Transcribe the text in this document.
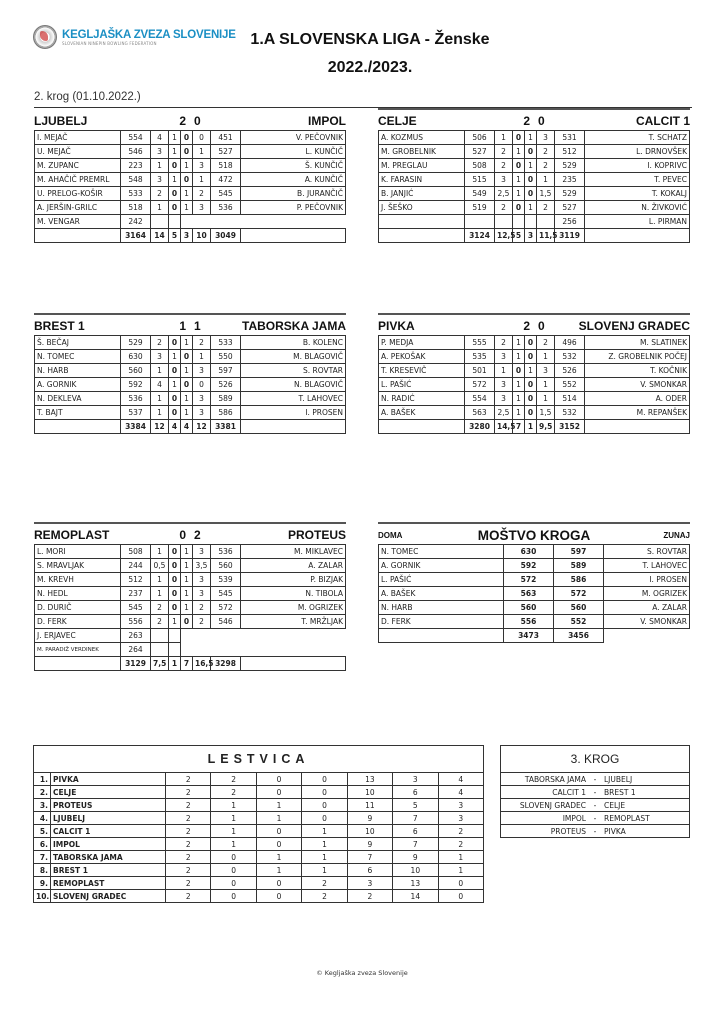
KEGLJAŠKA ZVEZA SLOVENIJE
SLOVENIAN NINEPIN BOWLING FEDERATION	1.A SLOVENSKA LIGA - Ženske
2022./2023.
2. krog (01.10.2022.)
LJUBELJ	2 0	IMPOL
I. MEJAČ	554	4	1	0	0	451	V. PEČOVNIK
U. MEJAČ	546	3	1	0	1	527	L. KUNČIČ
M. ZUPANC	223	1	0	1	3	518	Š. KUNČIČ
M. AHAČIČ PREMRL	548	3	1	0	1	472	A. KUNČIČ
U. PRELOG-KOŠIR	533	2	0	1	2	545	B. JURANČIČ
A. JERŠIN-GRILC	518	1	0	1	3	536	P. PEČOVNIK
M. VENGAR	242						
	3164	14	5	3	10	3049	
CELJE	2 0	CALCIT 1
A. KOZMUS	506	1	0	1	3	531	T. SCHATZ
M. GROBELNIK	527	2	1	0	2	512	L. DRNOVŠEK
M. PREGLAU	508	2	0	1	2	529	I. KOPRIVC
K. FARASIN	515	3	1	0	1	235	T. PEVEC
B. JANJIĆ	549	2,5	1	0	1,5	529	T. KOKALJ
J. ŠEŠKO	519	2	0	1	2	527	N. ŽIVKOVIĆ
						256	L. PIRMAN
	3124	12,5	5	3	11,5	3119	
BREST 1	1 1	TABORSKA JAMA
Š. BEČAJ	529	2	0	1	2	533	B. KOLENC
N. TOMEC	630	3	1	0	1	550	M. BLAGOVIČ
N. HARB	560	1	0	1	3	597	S. ROVTAR
A. GORNIK	592	4	1	0	0	526	N. BLAGOVIČ
N. DEKLEVA	536	1	0	1	3	589	T. LAHOVEC
T. BAJT	537	1	0	1	3	586	I. PROSEN
	3384	12	4	4	12	3381	
PIVKA	2 0	SLOVENJ GRADEC
P. MEDJA	555	2	1	0	2	496	M. SLATINEK
A. PEKOŠAK	535	3	1	0	1	532	Z. GROBELNIK POČEJ
T. KRESEVIČ	501	1	0	1	3	526	T. KOČNIK
L. PAŠIĆ	572	3	1	0	1	552	V. SMONKAR
N. RADIĆ	554	3	1	0	1	514	A. ODER
A. BAŠEK	563	2,5	1	0	1,5	532	M. REPANŠEK
	3280	14,5	7	1	9,5	3152	
REMOPLAST	0 2	PROTEUS
L. MORI	508	1	0	1	3	536	M. MIKLAVEC
S. MRAVLJAK	244	0,5	0	1	3,5	560	A. ZALAR
M. KREVH	512	1	0	1	3	539	P. BIZJAK
N. HEDL	237	1	0	1	3	545	N. TIBOLA
D. DURIČ	545	2	0	1	2	572	M. OGRIZEK
D. FERK	556	2	1	0	2	546	T. MRŽLJAK
J. ERJAVEC	263						
M. PARADIŽ VERDINEK	264						
	3129	7,5	1	7	16,5	3298	
DOMA	MOŠTVO KROGA	ZUNAJ
N. TOMEC	630	597	S. ROVTAR
A. GORNIK	592	589	T. LAHOVEC
L. PAŠIĆ	572	586	I. PROSEN
A. BAŠEK	563	572	M. OGRIZEK
N. HARB	560	560	A. ZALAR
D. FERK	556	552	V. SMONKAR
	3473	3456	
LESTVICA								
1.	PIVKA	2	2	0	0	13	3	4
2.	CELJE	2	2	0	0	10	6	4
3.	PROTEUS	2	1	1	0	11	5	3
4.	LJUBELJ	2	1	1	0	9	7	3
5.	CALCIT 1	2	1	0	1	10	6	2
6.	IMPOL	2	1	0	1	9	7	2
7.	TABORSKA JAMA	2	0	1	1	7	9	1
8.	BREST 1	2	0	1	1	6	10	1
9.	REMOPLAST	2	0	0	2	3	13	0
10.	SLOVENJ GRADEC	2	0	0	2	2	14	0
3. KROG

TABORSKA JAMA	-	LJUBELJ

CALCIT 1	-	BREST 1

SLOVENJ GRADEC	-	CELJE

IMPOL	-	REMOPLAST

PROTEUS	-	PIVKA
© Kegljaška zveza Slovenije
